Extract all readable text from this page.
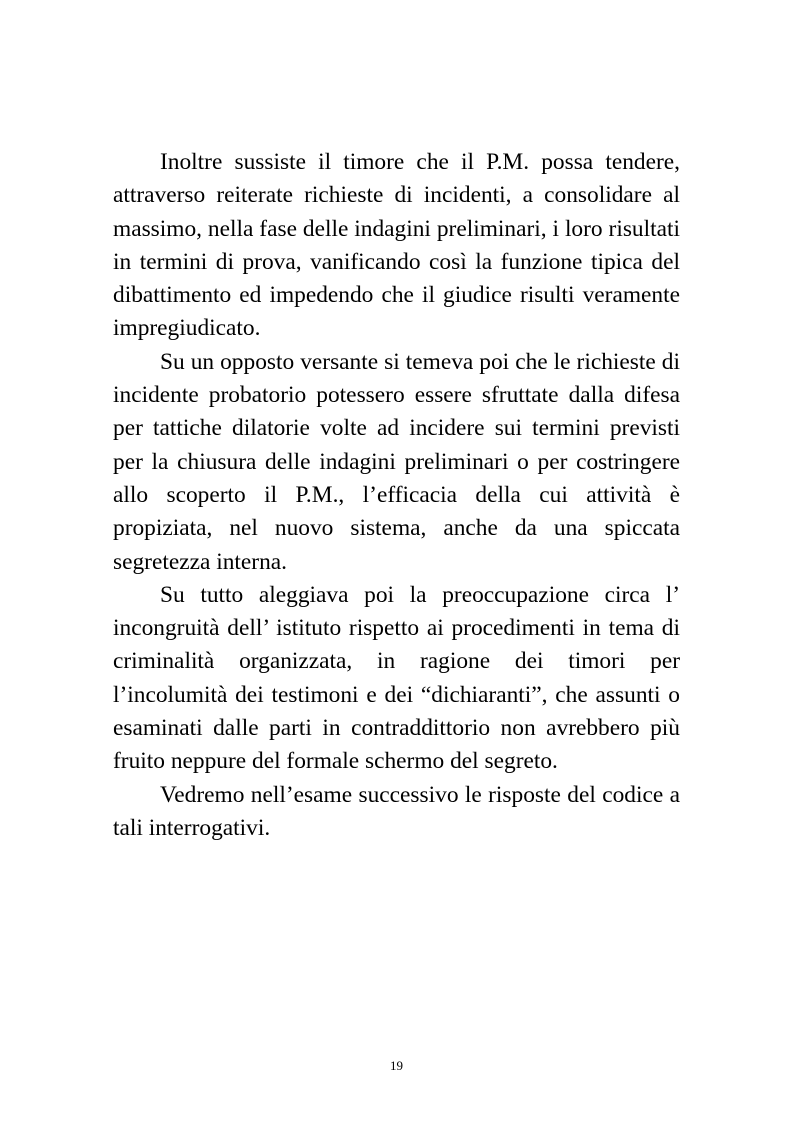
Inoltre sussiste il timore che il P.M. possa tendere, attraverso reiterate richieste di incidenti, a consolidare al massimo, nella fase delle indagini preliminari, i loro risultati in termini di prova, vanificando così la funzione tipica del dibattimento ed impedendo che il giudice risulti veramente impregiudicato.

Su un opposto versante si temeva poi che le richieste di incidente probatorio potessero essere sfruttate dalla difesa per tattiche dilatorie volte ad incidere sui termini previsti per la chiusura delle indagini preliminari o per costringere allo scoperto il P.M., l’efficacia della cui attività è propiziata, nel nuovo sistema, anche da una spiccata segretezza interna.

Su tutto aleggiava poi la preoccupazione circa l’ incongruità dell’ istituto rispetto ai procedimenti in tema di criminalità organizzata, in ragione dei timori per l’incolumità dei testimoni e dei “dichiaranti”, che assunti o esaminati dalle parti in contraddittorio non avrebbero più fruito neppure del formale schermo del segreto.

Vedremo nell’esame successivo le risposte del codice a tali interrogativi.

19
